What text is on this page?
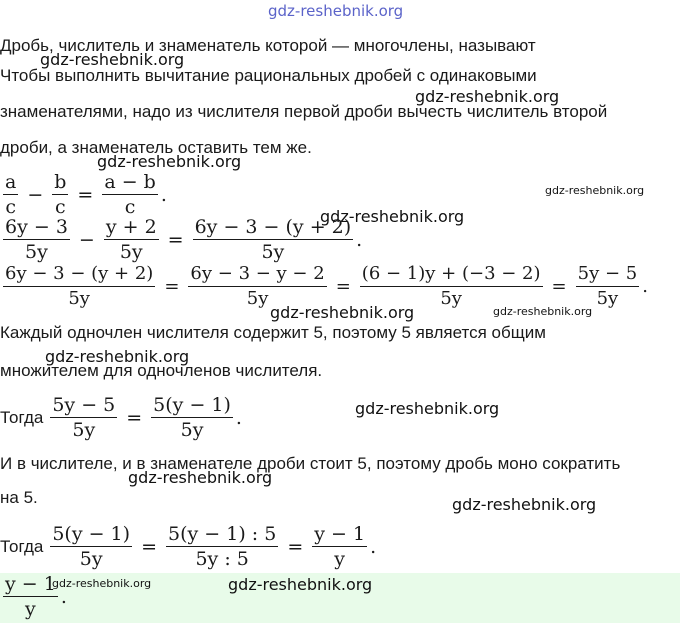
gdz-reshebnik.org
Дробь, числитель и знаменатель которой — многочлены, называют
gdz-reshebnik.org
Чтобы выполнить вычитание рациональных дробей с одинаковыми
gdz-reshebnik.org
знаменателями, надо из числителя первой дроби вычесть числитель второй
дроби, а знаменатель оставить тем же.
gdz-reshebnik.org
$\frac{a}{c} - \frac{b}{c} = \frac{a - b}{c}$ .	gdz-reshebnik.org
gdz-reshebnik.org
$\frac{6y - 3}{5y} - \frac{y + 2}{5y} = \frac{6y - 3 - (y + 2)}{5y}$ .
$\frac{6y - 3 - (y + 2)}{5y} = \frac{6y - 3 - y - 2}{5y} = \frac{(6 - 1)y + (-3 - 2)}{5y} = \frac{5y - 5}{5y}$ .
gdz-reshebnik.org	gdz-reshebnik.org
Каждый одночлен числителя содержит 5, поэтому 5 является общим
gdz-reshebnik.org
множителем для одночленов числителя.
Тогда $\frac{5y - 5}{5y} = \frac{5(y - 1)}{5y}$ .	gdz-reshebnik.org
И в числителе, и в знаменателе дроби стоит 5, поэтому дробь моно сократить
gdz-reshebnik.org
на 5.	gdz-reshebnik.org
Тогда $\frac{5(y - 1)}{5y} = \frac{5(y - 1) : 5}{5y : 5} = \frac{y - 1}{y}$ .
$\frac{y - 1}{y}$ .
gdz-reshebnik.org	gdz-reshebnik.org
